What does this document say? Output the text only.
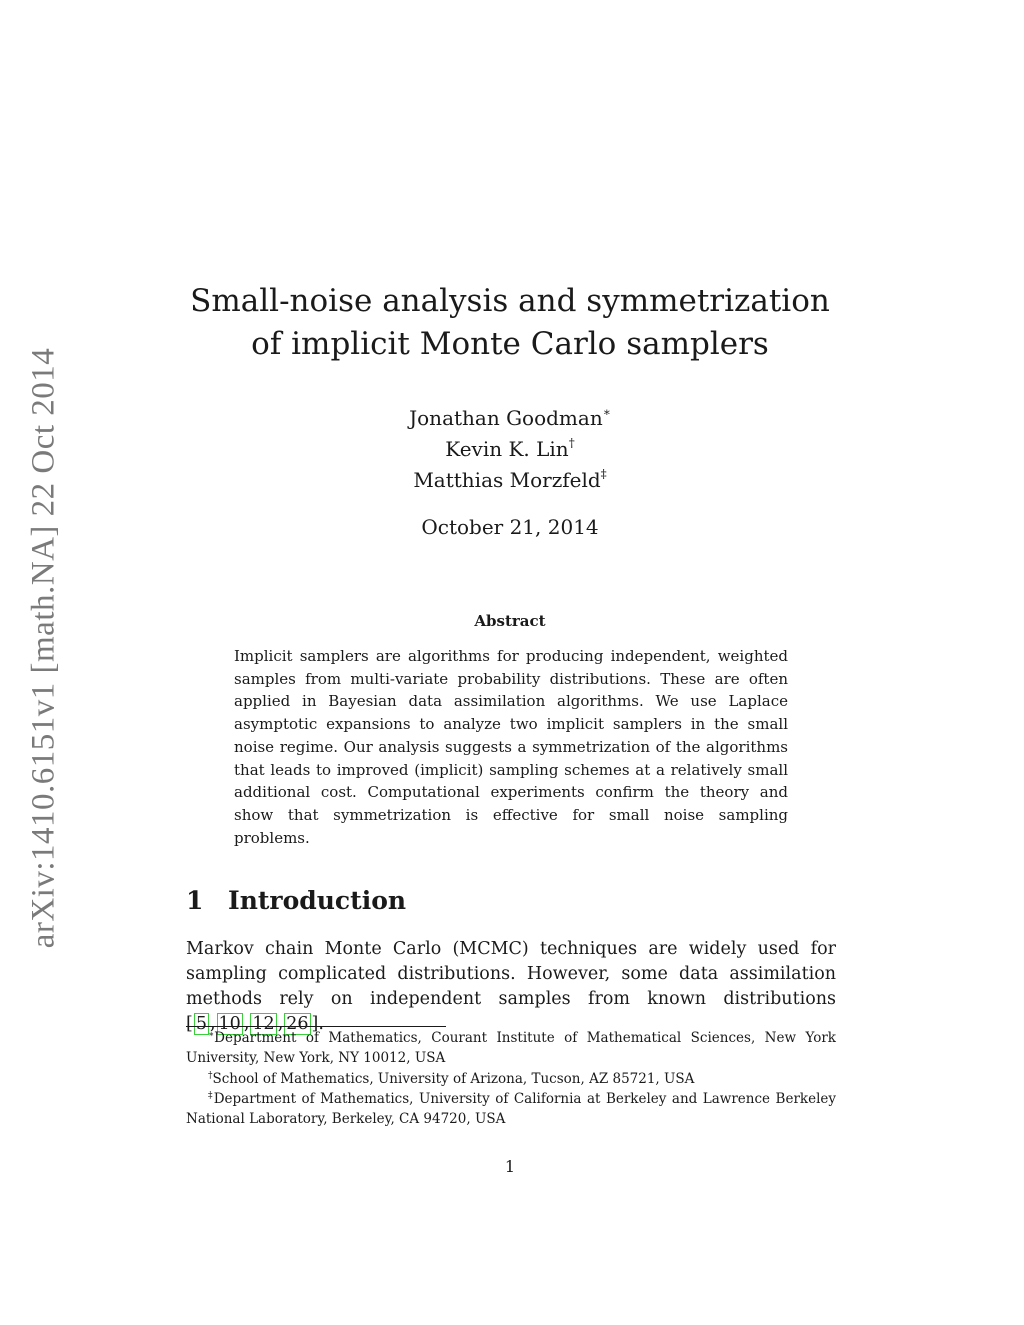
arXiv:1410.6151v1 [math.NA] 22 Oct 2014
Small-noise analysis and symmetrization
of implicit Monte Carlo samplers
Jonathan Goodman∗
Kevin K. Lin†
Matthias Morzfeld‡
October 21, 2014
Abstract

Implicit samplers are algorithms for producing independent, weighted samples from multi-variate probability distributions. These are often applied in Bayesian data assimilation algorithms. We use Laplace asymptotic expansions to analyze two implicit samplers in the small noise regime. Our analysis suggests a symmetrization of the algorithms that leads to improved (implicit) sampling schemes at a relatively small additional cost. Computational experiments confirm the theory and show that symmetrization is effective for small noise sampling problems.

1 Introduction

Markov chain Monte Carlo (MCMC) techniques are widely used for sampling complicated distributions. However, some data assimilation methods rely on independent samples from known distributions [ 5 , 10 , 12 , 26 ].

∗Department of Mathematics, Courant Institute of Mathematical Sciences, New York University, New York, NY 10012, USA
†School of Mathematics, University of Arizona, Tucson, AZ 85721, USA
‡Department of Mathematics, University of California at Berkeley and Lawrence Berkeley National Laboratory, Berkeley, CA 94720, USA
1
